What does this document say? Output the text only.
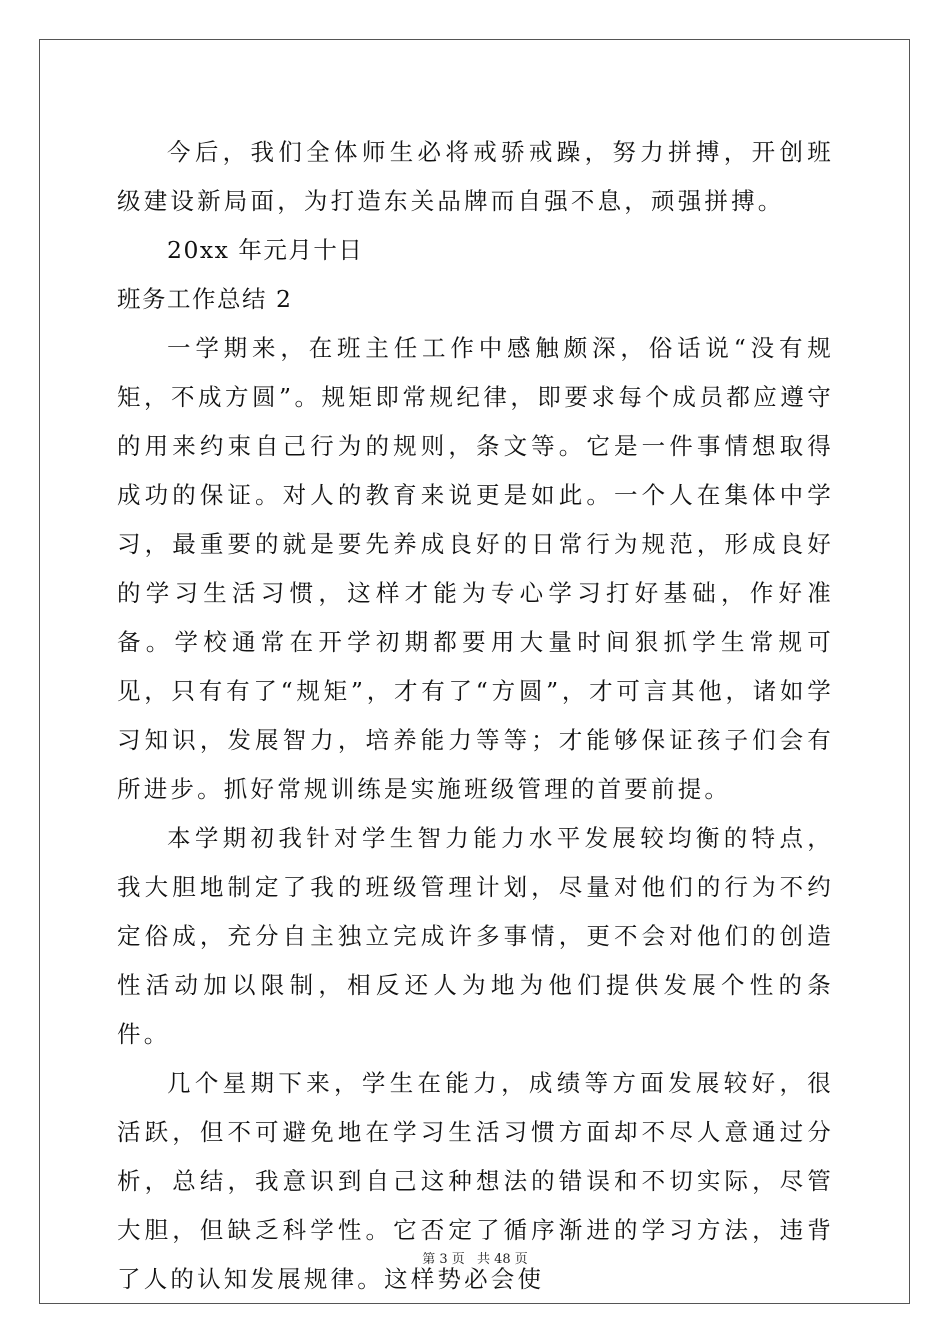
今后，我们全体师生必将戒骄戒躁，努力拼搏，开创班级建设新局面，为打造东关品牌而自强不息，顽强拼搏。

20xx 年元月十日

班务工作总结 2

一学期来，在班主任工作中感触颇深，俗话说“没有规矩，不成方圆”。规矩即常规纪律，即要求每个成员都应遵守的用来约束自己行为的规则，条文等。它是一件事情想取得成功的保证。对人的教育来说更是如此。一个人在集体中学习，最重要的就是要先养成良好的日常行为规范，形成良好的学习生活习惯，这样才能为专心学习打好基础，作好准备。学校通常在开学初期都要用大量时间狠抓学生常规可见，只有有了“规矩”，才有了“方圆”，才可言其他，诸如学习知识，发展智力，培养能力等等；才能够保证孩子们会有所进步。抓好常规训练是实施班级管理的首要前提。

本学期初我针对学生智力能力水平发展较均衡的特点，我大胆地制定了我的班级管理计划，尽量对他们的行为不约定俗成，充分自主独立完成许多事情，更不会对他们的创造性活动加以限制，相反还人为地为他们提供发展个性的条件。

几个星期下来，学生在能力，成绩等方面发展较好，很活跃，但不可避免地在学习生活习惯方面却不尽人意通过分析，总结，我意识到自己这种想法的错误和不切实际，尽管大胆，但缺乏科学性。它否定了循序渐进的学习方法，违背了人的认知发展规律。这样势必会使

第 3 页 共 48 页
